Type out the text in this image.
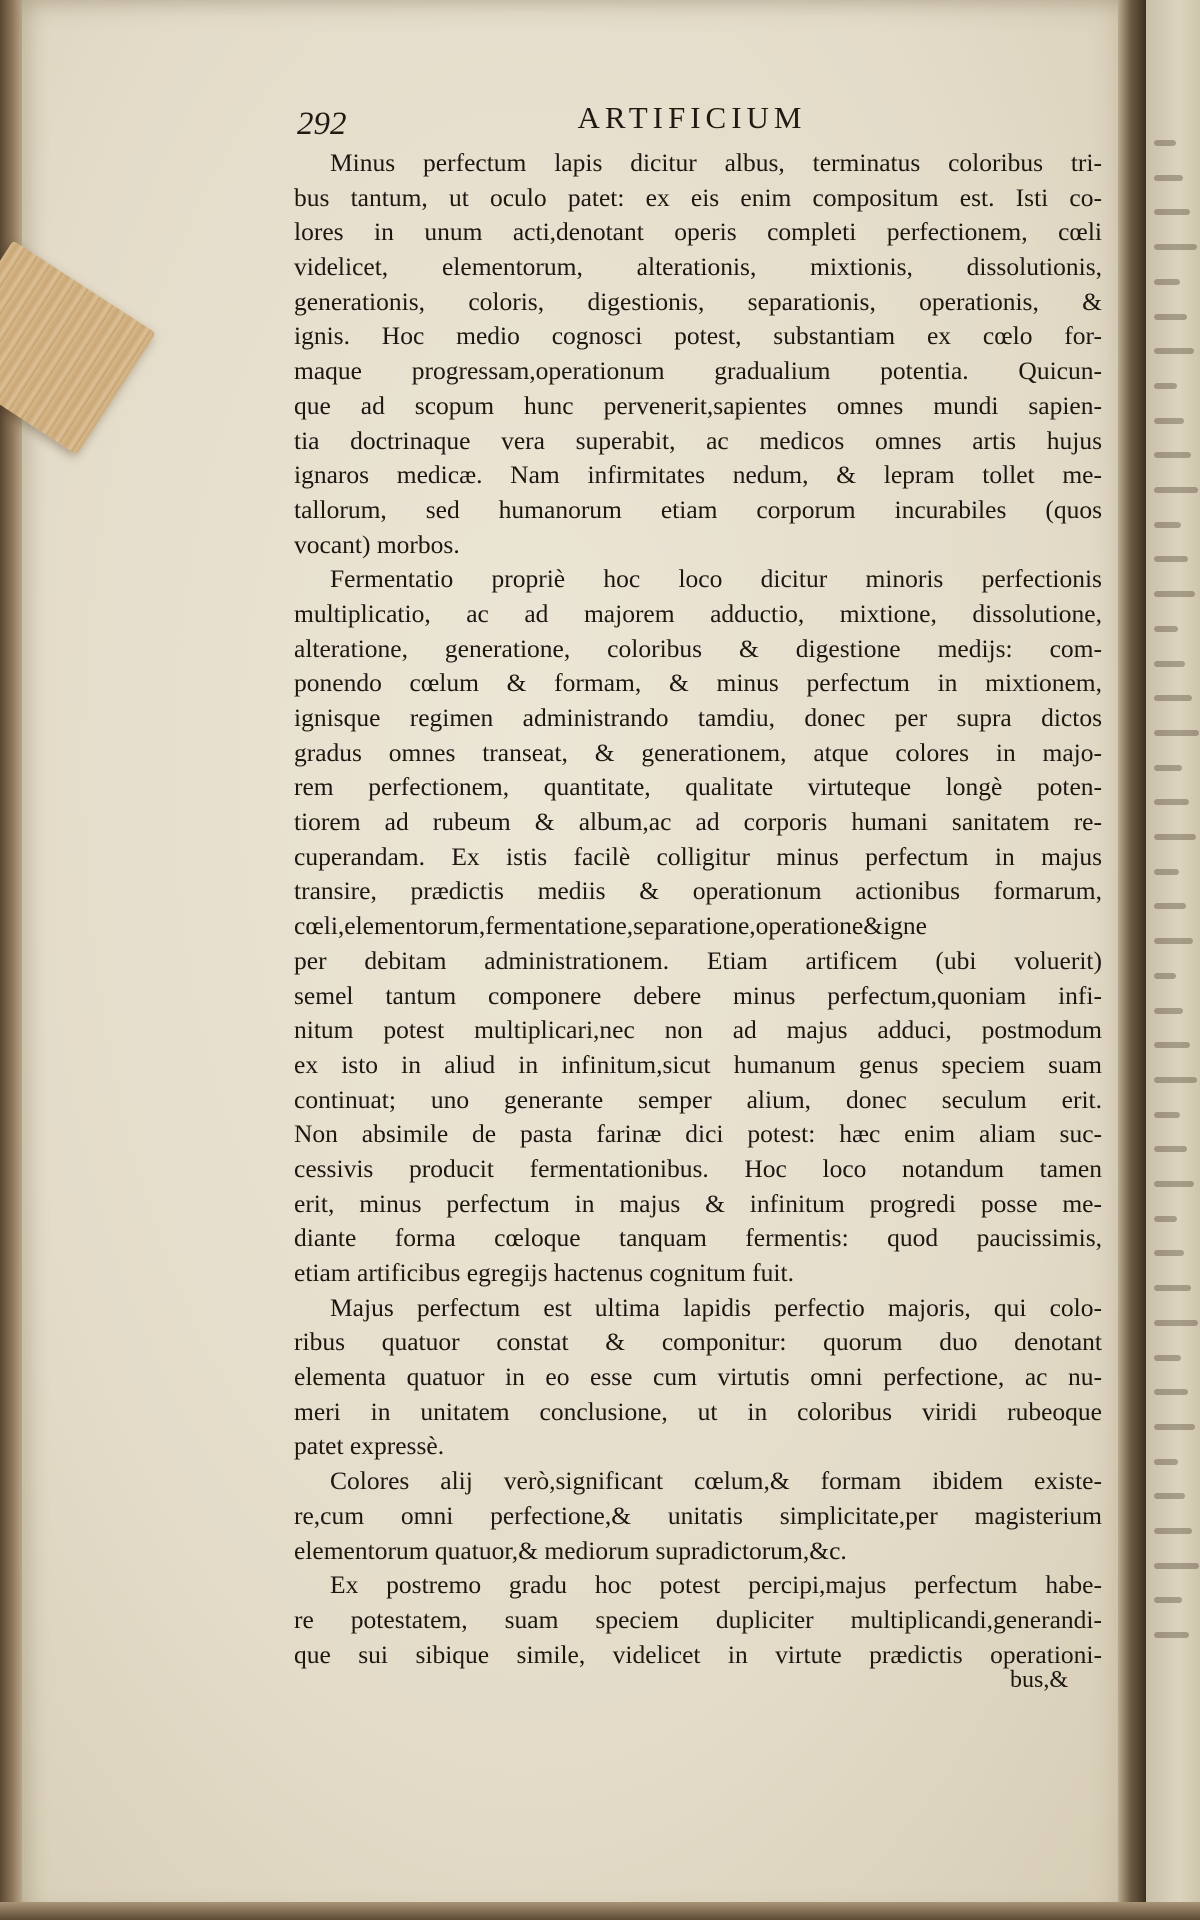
292	ARTIFICIUM
Minus perfectum lapis dicitur albus, terminatus coloribus tri-
bus tantum, ut oculo patet: ex eis enim compositum est. Isti co-
lores in unum acti,denotant operis completi perfectionem, cœli
videlicet, elementorum, alterationis, mixtionis, dissolutionis,
generationis, coloris, digestionis, separationis, operationis, &
ignis. Hoc medio cognosci potest, substantiam ex cœlo for-
maque progressam,operationum gradualium potentia. Quicun-
que ad scopum hunc pervenerit,sapientes omnes mundi sapien-
tia doctrinaque vera superabit, ac medicos omnes artis hujus
ignaros medicæ. Nam infirmitates nedum, & lepram tollet me-
tallorum, sed humanorum etiam corporum incurabiles (quos
vocant) morbos.
Fermentatio propriè hoc loco dicitur minoris perfectionis
multiplicatio, ac ad majorem adductio, mixtione, dissolutione,
alteratione, generatione, coloribus & digestione medijs: com-
ponendo cœlum & formam, & minus perfectum in mixtionem,
ignisque regimen administrando tamdiu, donec per supra dictos
gradus omnes transeat, & generationem, atque colores in majo-
rem perfectionem, quantitate, qualitate virtuteque longè poten-
tiorem ad rubeum & album,ac ad corporis humani sanitatem re-
cuperandam. Ex istis facilè colligitur minus perfectum in majus
transire, prædictis mediis & operationum actionibus formarum,
cœli,elementorum,fermentatione,separatione,operatione&igne
per debitam administrationem. Etiam artificem (ubi voluerit)
semel tantum componere debere minus perfectum,quoniam infi-
nitum potest multiplicari,nec non ad majus adduci, postmodum
ex isto in aliud in infinitum,sicut humanum genus speciem suam
continuat; uno generante semper alium, donec seculum erit.
Non absimile de pasta farinæ dici potest: hæc enim aliam suc-
cessivis producit fermentationibus. Hoc loco notandum tamen
erit, minus perfectum in majus & infinitum progredi posse me-
diante forma cœloque tanquam fermentis: quod paucissimis,
etiam artificibus egregijs hactenus cognitum fuit.
Majus perfectum est ultima lapidis perfectio majoris, qui colo-
ribus quatuor constat & componitur: quorum duo denotant
elementa quatuor in eo esse cum virtutis omni perfectione, ac nu-
meri in unitatem conclusione, ut in coloribus viridi rubeoque
patet expressè.
Colores alij verò,significant cœlum,& formam ibidem existe-
re,cum omni perfectione,& unitatis simplicitate,per magisterium
elementorum quatuor,& mediorum supradictorum,&c.
Ex postremo gradu hoc potest percipi,majus perfectum habe-
re potestatem, suam speciem dupliciter multiplicandi,generandi-
que sui sibique simile, videlicet in virtute prædictis operationi-
bus,&
